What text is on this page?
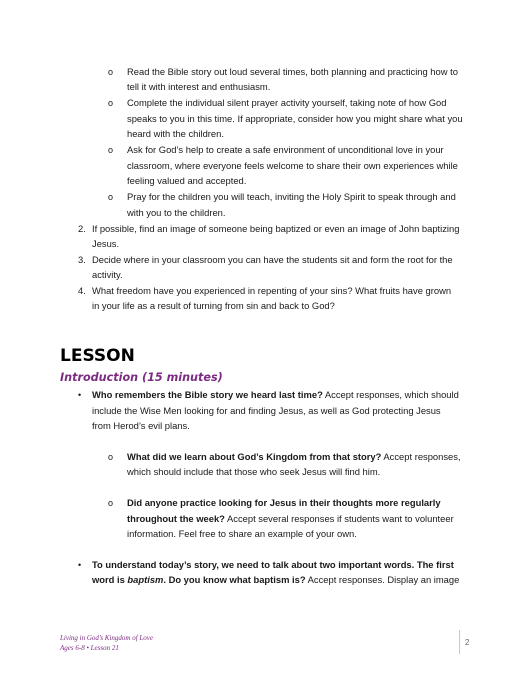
o Read the Bible story out loud several times, both planning and practicing how to
tell it with interest and enthusiasm.
o Complete the individual silent prayer activity yourself, taking note of how God
speaks to you in this time. If appropriate, consider how you might share what you
heard with the children.
o Ask for God’s help to create a safe environment of unconditional love in your
classroom, where everyone feels welcome to share their own experiences while
feeling valued and accepted.
o Pray for the children you will teach, inviting the Holy Spirit to speak through and
with you to the children.
2. If possible, find an image of someone being baptized or even an image of John baptizing
Jesus.
3. Decide where in your classroom you can have the students sit and form the root for the
activity.
4. What freedom have you experienced in repenting of your sins? What fruits have grown
in your life as a result of turning from sin and back to God?
LESSON
Introduction (15 minutes)
• Who remembers the Bible story we heard last time? Accept responses, which should
include the Wise Men looking for and finding Jesus, as well as God protecting Jesus
from Herod’s evil plans.
o What did we learn about God’s Kingdom from that story? Accept responses,
which should include that those who seek Jesus will find him.
o Did anyone practice looking for Jesus in their thoughts more regularly
throughout the week? Accept several responses if students want to volunteer
information. Feel free to share an example of your own.
• To understand today’s story, we need to talk about two important words. The first
word is baptism. Do you know what baptism is? Accept responses. Display an image
Living in God’s Kingdom of Love
Ages 6-8 • Lesson 21
2
